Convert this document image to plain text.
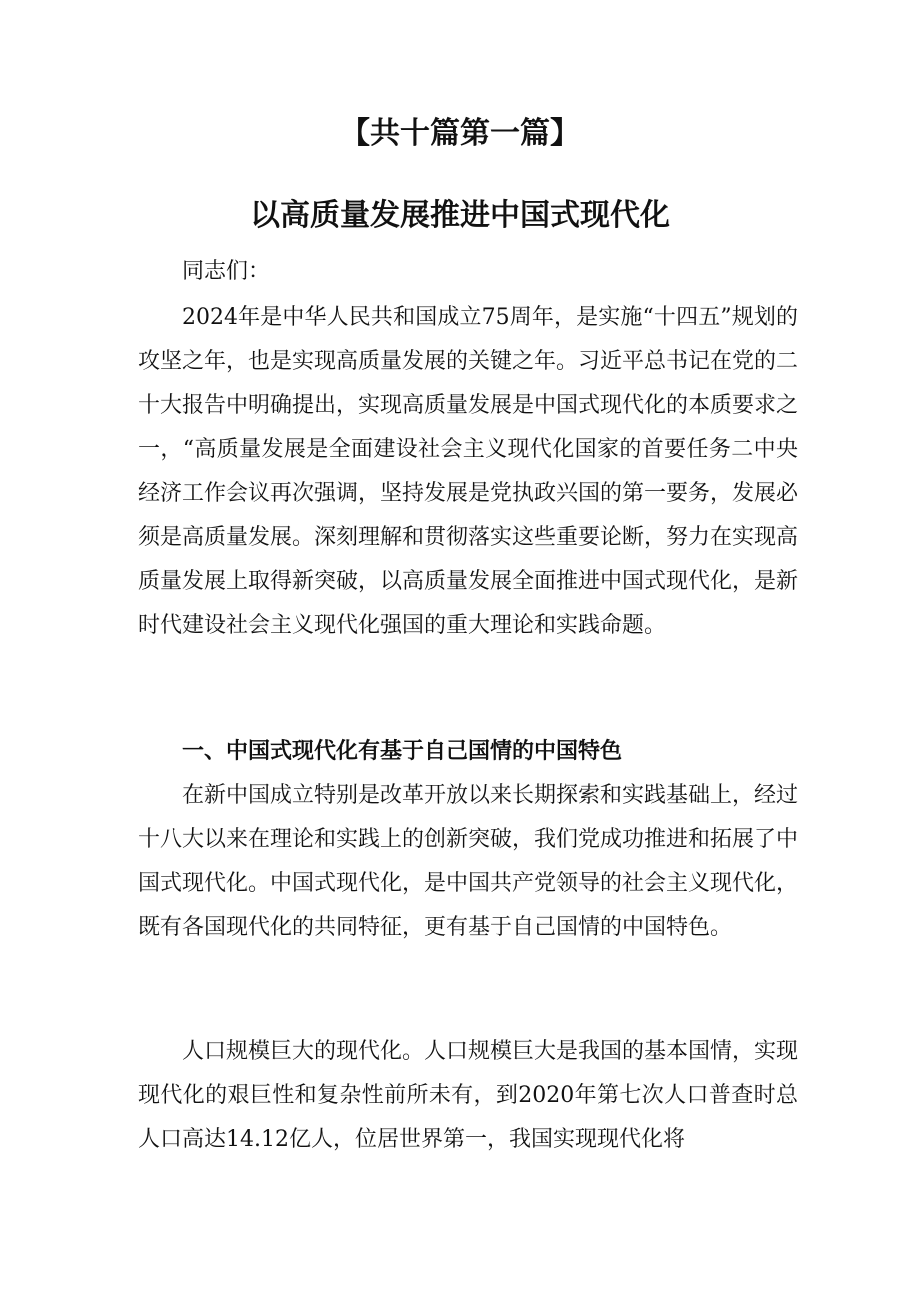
【共十篇第一篇】
以高质量发展推进中国式现代化

同志们：

2024年是中华人民共和国成立75周年，是实施“十四五”规划的攻坚之年，也是实现高质量发展的关键之年。习近平总书记在党的二十大报告中明确提出，实现高质量发展是中国式现代化的本质要求之一，“高质量发展是全面建设社会主义现代化国家的首要任务二中央经济工作会议再次强调，坚持发展是党执政兴国的第一要务，发展必须是高质量发展。深刻理解和贯彻落实这些重要论断，努力在实现高质量发展上取得新突破，以高质量发展全面推进中国式现代化，是新时代建设社会主义现代化强国的重大理论和实践命题。

一、中国式现代化有基于自己国情的中国特色

在新中国成立特别是改革开放以来长期探索和实践基础上，经过十八大以来在理论和实践上的创新突破，我们党成功推进和拓展了中国式现代化。中国式现代化，是中国共产党领导的社会主义现代化，既有各国现代化的共同特征，更有基于自己国情的中国特色。

人口规模巨大的现代化。人口规模巨大是我国的基本国情，实现现代化的艰巨性和复杂性前所未有，到2020年第七次人口普查时总人口高达14.12亿人，位居世界第一，我国实现现代化将
